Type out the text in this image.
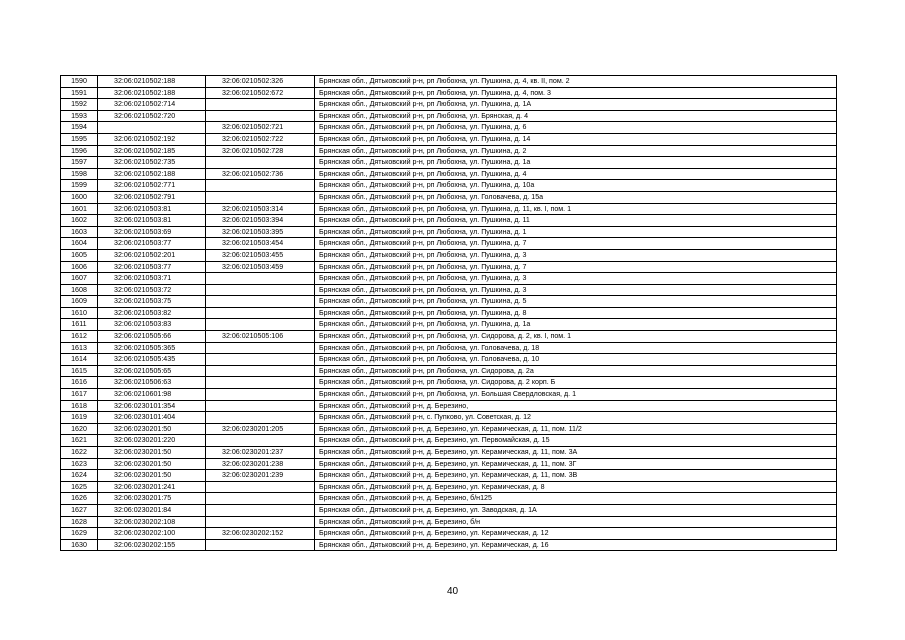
1590	32:06:0210502:188	32:06:0210502:326	Брянская обл., Дятьковский р-н, рп Любохна, ул. Пушкина, д. 4, кв. II, пом. 2
1591	32:06:0210502:188	32:06:0210502:672	Брянская обл., Дятьковский р-н, рп Любохна, ул. Пушкина, д. 4, пом. 3
1592	32:06:0210502:714		Брянская обл., Дятьковский р-н, рп Любохна, ул. Пушкина, д. 1А
1593	32:06:0210502:720		Брянская обл., Дятьковский р-н, рп Любохна, ул. Брянская, д. 4
1594		32:06:0210502:721	Брянская обл., Дятьковский р-н, рп Любохна, ул. Пушкина, д. 6
1595	32:06:0210502:192	32:06:0210502:722	Брянская обл., Дятьковский р-н, рп Любохна, ул. Пушкина, д. 14
1596	32:06:0210502:185	32:06:0210502:728	Брянская обл., Дятьковский р-н, рп Любохна, ул. Пушкина, д. 2
1597	32:06:0210502:735		Брянская обл., Дятьковский р-н, рп Любохна, ул. Пушкина, д. 1а
1598	32:06:0210502:188	32:06:0210502:736	Брянская обл., Дятьковский р-н, рп Любохна, ул. Пушкина, д. 4
1599	32:06:0210502:771		Брянская обл., Дятьковский р-н, рп Любохна, ул. Пушкина, д. 10а
1600	32:06:0210502:791		Брянская обл., Дятьковский р-н, рп Любохна, ул. Головачева, д. 15а
1601	32:06:0210503:81	32:06:0210503:314	Брянская обл., Дятьковский р-н, рп Любохна, ул. Пушкина, д. 11, кв. I, пом. 1
1602	32:06:0210503:81	32:06:0210503:394	Брянская обл., Дятьковский р-н, рп Любохна, ул. Пушкина, д. 11
1603	32:06:0210503:69	32:06:0210503:395	Брянская обл., Дятьковский р-н, рп Любохна, ул. Пушкина, д. 1
1604	32:06:0210503:77	32:06:0210503:454	Брянская обл., Дятьковский р-н, рп Любохна, ул. Пушкина, д. 7
1605	32:06:0210502:201	32:06:0210503:455	Брянская обл., Дятьковский р-н, рп Любохна, ул. Пушкина, д. 3
1606	32:06:0210503:77	32:06:0210503:459	Брянская обл., Дятьковский р-н, рп Любохна, ул. Пушкина, д. 7
1607	32:06:0210503:71		Брянская обл., Дятьковский р-н, рп Любохна, ул. Пушкина, д. 3
1608	32:06:0210503:72		Брянская обл., Дятьковский р-н, рп Любохна, ул. Пушкина, д. 3
1609	32:06:0210503:75		Брянская обл., Дятьковский р-н, рп Любохна, ул. Пушкина, д. 5
1610	32:06:0210503:82		Брянская обл., Дятьковский р-н, рп Любохна, ул. Пушкина, д. 8
1611	32:06:0210503:83		Брянская обл., Дятьковский р-н, рп Любохна, ул. Пушкина, д. 1а
1612	32:06:0210505:66	32:06:0210505:106	Брянская обл., Дятьковский р-н, рп Любохна, ул. Сидорова, д. 2, кв. I, пом. 1
1613	32:06:0210505:365		Брянская обл., Дятьковский р-н, рп Любохна, ул. Головачева, д. 18
1614	32:06:0210505:435		Брянская обл., Дятьковский р-н, рп Любохна, ул. Головачева, д. 10
1615	32:06:0210505:65		Брянская обл., Дятьковский р-н, рп Любохна, ул. Сидорова, д. 2а
1616	32:06:0210506:63		Брянская обл., Дятьковский р-н, рп Любохна, ул. Сидорова, д. 2 корп. Б
1617	32:06:0210601:98		Брянская обл., Дятьковский р-н, рп Любохна, ул. Большая Свердловская, д. 1
1618	32:06:0230101:354		Брянская обл., Дятьковский р-н, д. Березино,
1619	32:06:0230101:404		Брянская обл., Дятьковский р-н, с. Пупково, ул. Советская, д. 12
1620	32:06:0230201:50	32:06:0230201:205	Брянская обл., Дятьковский р-н, д. Березино, ул. Керамическая, д. 11, пом. 11/2
1621	32:06:0230201:220		Брянская обл., Дятьковский р-н, д. Березино, ул. Первомайская, д. 15
1622	32:06:0230201:50	32:06:0230201:237	Брянская обл., Дятьковский р-н, д. Березино, ул. Керамическая, д. 11, пом. 3А
1623	32:06:0230201:50	32:06:0230201:238	Брянская обл., Дятьковский р-н, д. Березино, ул. Керамическая, д. 11, пом. 3Г
1624	32:06:0230201:50	32:06:0230201:239	Брянская обл., Дятьковский р-н, д. Березино, ул. Керамическая, д. 11, пом. 3В
1625	32:06:0230201:241		Брянская обл., Дятьковский р-н, д. Березино, ул. Керамическая, д. 8
1626	32:06:0230201:75		Брянская обл., Дятьковский р-н, д. Березино, б/н125
1627	32:06:0230201:84		Брянская обл., Дятьковский р-н, д. Березино, ул. Заводская, д. 1А
1628	32:06:0230202:108		Брянская обл., Дятьковский р-н, д. Березино, б/н
1629	32:06:0230202:100	32:06:0230202:152	Брянская обл., Дятьковский р-н, д. Березино, ул. Керамическая, д. 12
1630	32:06:0230202:155		Брянская обл., Дятьковский р-н, д. Березино, ул. Керамическая, д. 16
40
